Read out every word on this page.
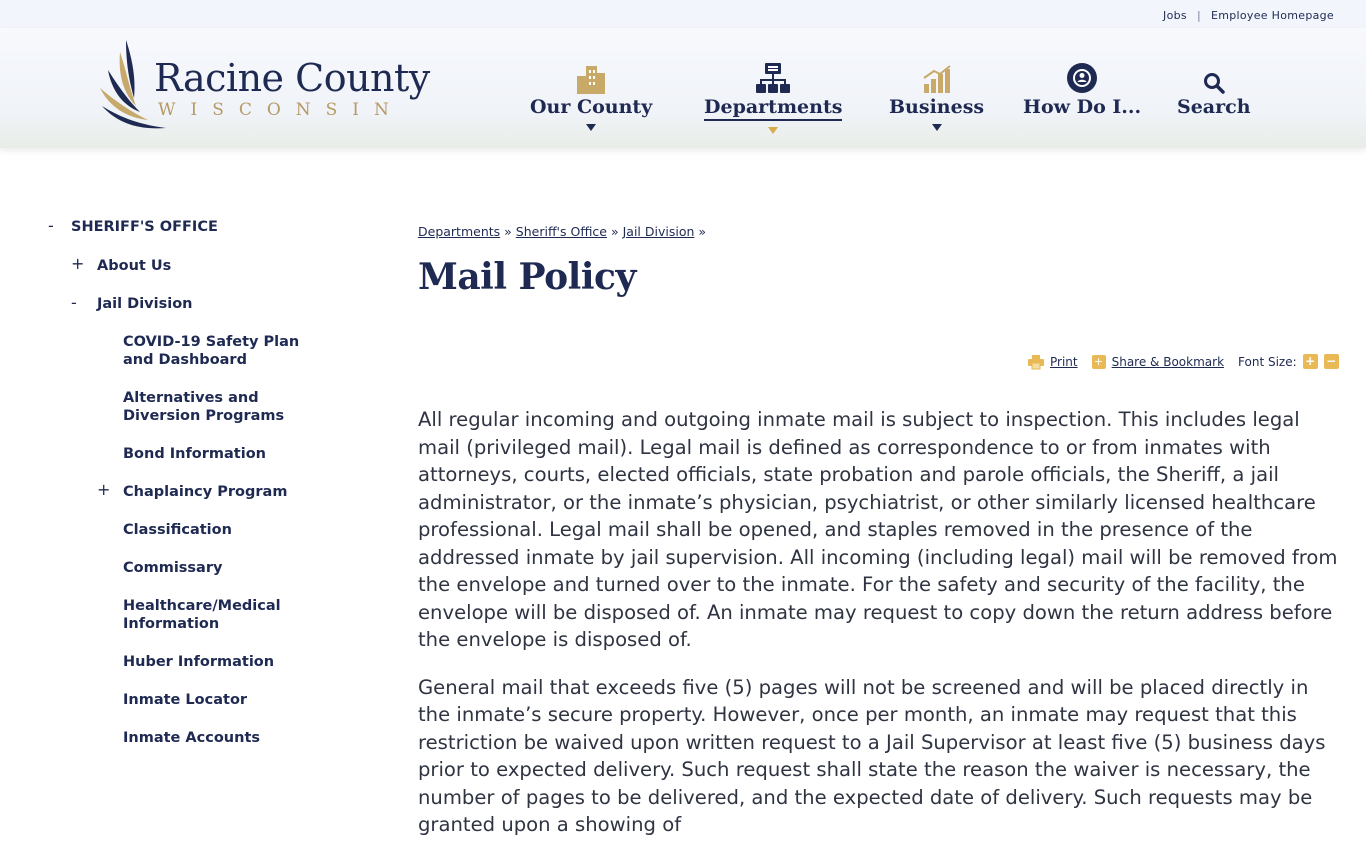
Jobs | Employee Homepage
Racine County
WISCONSIN	Our County	Departments Business How Do I... Search
- SHERIFF'S OFFICE
+ About Us
- Jail Division
COVID-19 Safety Plan and Dashboard
Alternatives and Diversion Programs
Bond Information
+ Chaplaincy Program
Classification
Commissary
Healthcare/Medical Information
Huber Information
Inmate Locator
Inmate Accounts
Departments » Sheriff's Office » Jail Division »
Mail Policy
Print + Share & Bookmark Font Size: + −

All regular incoming and outgoing inmate mail is subject to inspection. This includes legal mail (privileged mail). Legal mail is defined as correspondence to or from inmates with attorneys, courts, elected officials, state probation and parole officials, the Sheriff, a jail administrator, or the inmate’s physician, psychiatrist, or other similarly licensed healthcare professional. Legal mail shall be opened, and staples removed in the presence of the addressed inmate by jail supervision. All incoming (including legal) mail will be removed from the envelope and turned over to the inmate. For the safety and security of the facility, the envelope will be disposed of. An inmate may request to copy down the return address before the envelope is disposed of.

General mail that exceeds five (5) pages will not be screened and will be placed directly in the inmate’s secure property. However, once per month, an inmate may request that this restriction be waived upon written request to a Jail Supervisor at least five (5) business days prior to expected delivery. Such request shall state the reason the waiver is necessary, the number of pages to be delivered, and the expected date of delivery. Such requests may be granted upon a showing of
